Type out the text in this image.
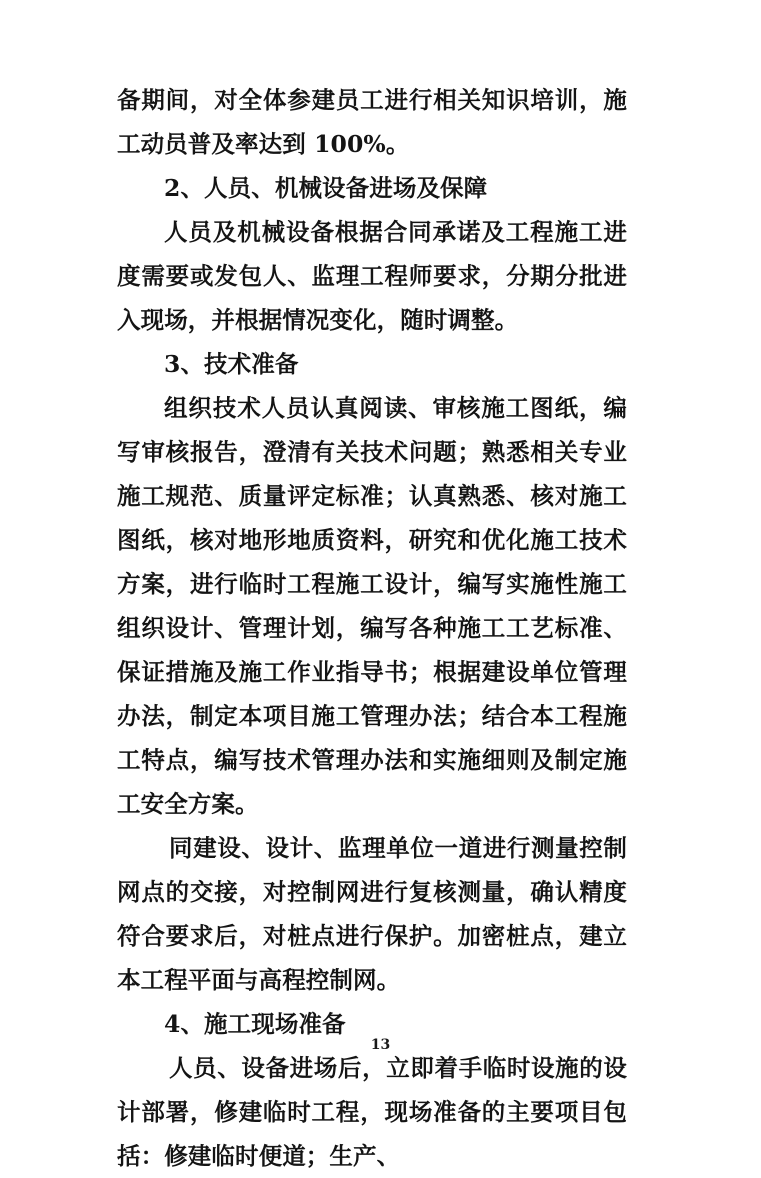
备期间，对全体参建员工进行相关知识培训，施工动员普及率达到 100%。

2、人员、机械设备进场及保障

人员及机械设备根据合同承诺及工程施工进度需要或发包人、监理工程师要求，分期分批进入现场，并根据情况变化，随时调整。

3、技术准备

组织技术人员认真阅读、审核施工图纸，编写审核报告，澄清有关技术问题；熟悉相关专业施工规范、质量评定标准；认真熟悉、核对施工图纸，核对地形地质资料，研究和优化施工技术方案，进行临时工程施工设计，编写实施性施工组织设计、管理计划，编写各种施工工艺标准、保证措施及施工作业指导书；根据建设单位管理办法，制定本项目施工管理办法；结合本工程施工特点，编写技术管理办法和实施细则及制定施工安全方案。

同建设、设计、监理单位一道进行测量控制网点的交接，对控制网进行复核测量，确认精度符合要求后，对桩点进行保护。加密桩点，建立本工程平面与高程控制网。

4、施工现场准备

人员、设备进场后，立即着手临时设施的设计部署，修建临时工程，现场准备的主要项目包括：修建临时便道；生产、

13
